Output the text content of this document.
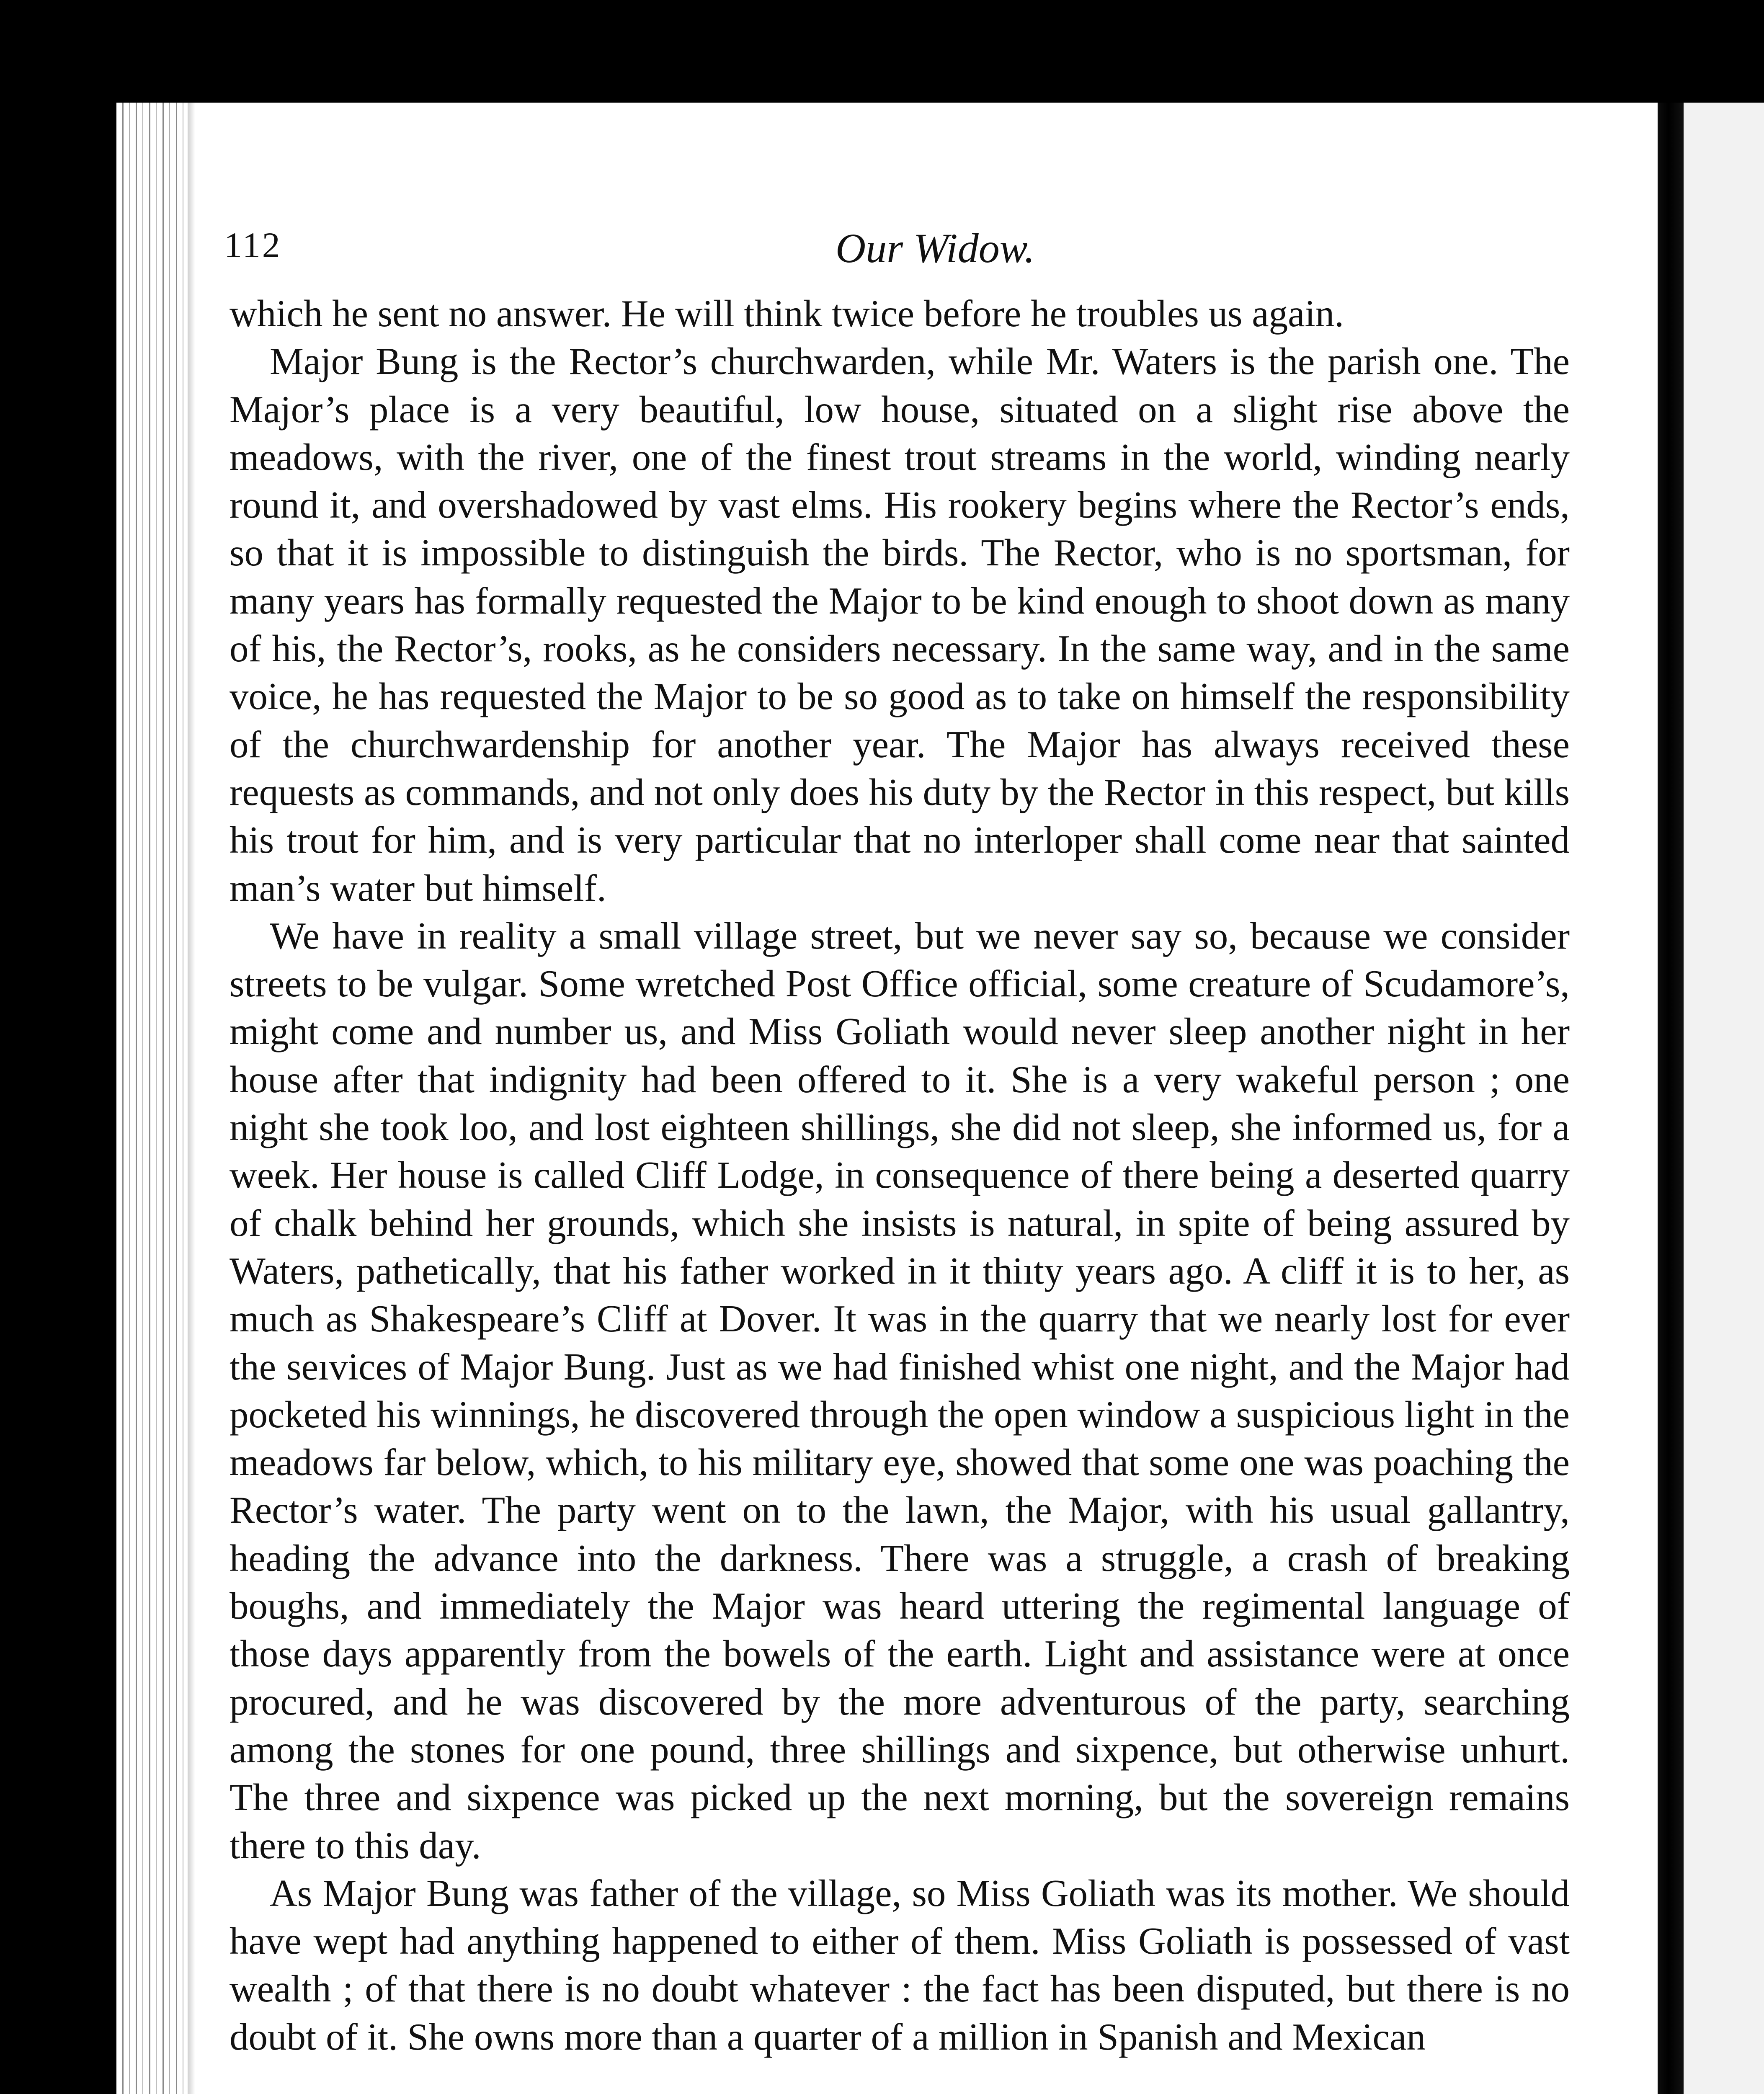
112	Our Widow.

which he sent no answer. He will think twice before he troubles us again.

Major Bung is the Rector’s churchwarden, while Mr. Waters is the parish one. The Major’s place is a very beautiful, low house, situated on a slight rise above the meadows, with the river, one of the finest trout streams in the world, winding nearly round it, and overshadowed by vast elms. His rookery begins where the Rector’s ends, so that it is impossible to distinguish the birds. The Rector, who is no sportsman, for many years has formally requested the Major to be kind enough to shoot down as many of his, the Rector’s, rooks, as he considers necessary. In the same way, and in the same voice, he has requested the Major to be so good as to take on himself the responsibility of the churchwardenship for another year. The Major has always received these requests as commands, and not only does his duty by the Rector in this respect, but kills his trout for him, and is very particular that no interloper shall come near that sainted man’s water but himself.

We have in reality a small village street, but we never say so, because we consider streets to be vulgar. Some wretched Post Office official, some creature of Scudamore’s, might come and number us, and Miss Goliath would never sleep another night in her house after that indignity had been offered to it. She is a very wakeful person ; one night she took loo, and lost eighteen shillings, she did not sleep, she informed us, for a week. Her house is called Cliff Lodge, in consequence of there being a deserted quarry of chalk behind her grounds, which she insists is natural, in spite of being assured by Waters, pathetically, that his father worked in it thiıty years ago. A cliff it is to her, as much as Shakespeare’s Cliff at Dover. It was in the quarry that we nearly lost for ever the seıvices of Major Bung. Just as we had finished whist one night, and the Major had pocketed his winnings, he discovered through the open window a suspicious light in the meadows far below, which, to his military eye, showed that some one was poaching the Rector’s water. The party went on to the lawn, the Major, with his usual gallantry, heading the advance into the darkness. There was a struggle, a crash of breaking boughs, and immediately the Major was heard uttering the regimental language of those days apparently from the bowels of the earth. Light and assistance were at once procured, and he was discovered by the more adventurous of the party, searching among the stones for one pound, three shillings and sixpence, but otherwise unhurt. The three and sixpence was picked up the next morning, but the sovereign remains there to this day.

As Major Bung was father of the village, so Miss Goliath was its mother. We should have wept had anything happened to either of them. Miss Goliath is possessed of vast wealth ; of that there is no doubt whatever : the fact has been disputed, but there is no doubt of it. She owns more than a quarter of a million in Spanish and Mexican
